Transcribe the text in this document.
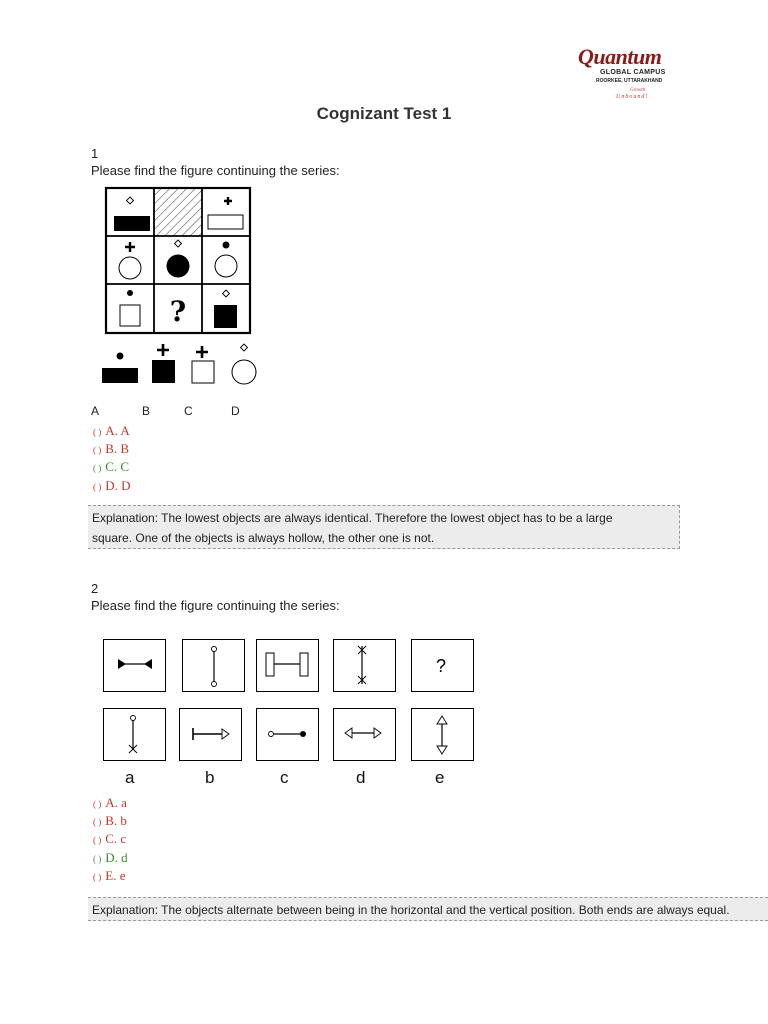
Quantum
GLOBAL CAMPUS
ROORKEE, UTTARAKHAND
Growth
Unbound!
Cognizant Test 1
1
Please find the figure continuing the series:
?
A	B	C	D
( ) A. A
( ) B. B
( ) C. C
( ) D. D
Explanation: The lowest objects are always identical. Therefore the lowest object has to be a large
square. One of the objects is always hollow, the other one is not.
2
Please find the figure continuing the series:
?
a	b	c	d	e
( ) A. a
( ) B. b
( ) C. c
( ) D. d
( ) E. e
Explanation: The objects alternate between being in the horizontal and the vertical position. Both ends are always equal.
